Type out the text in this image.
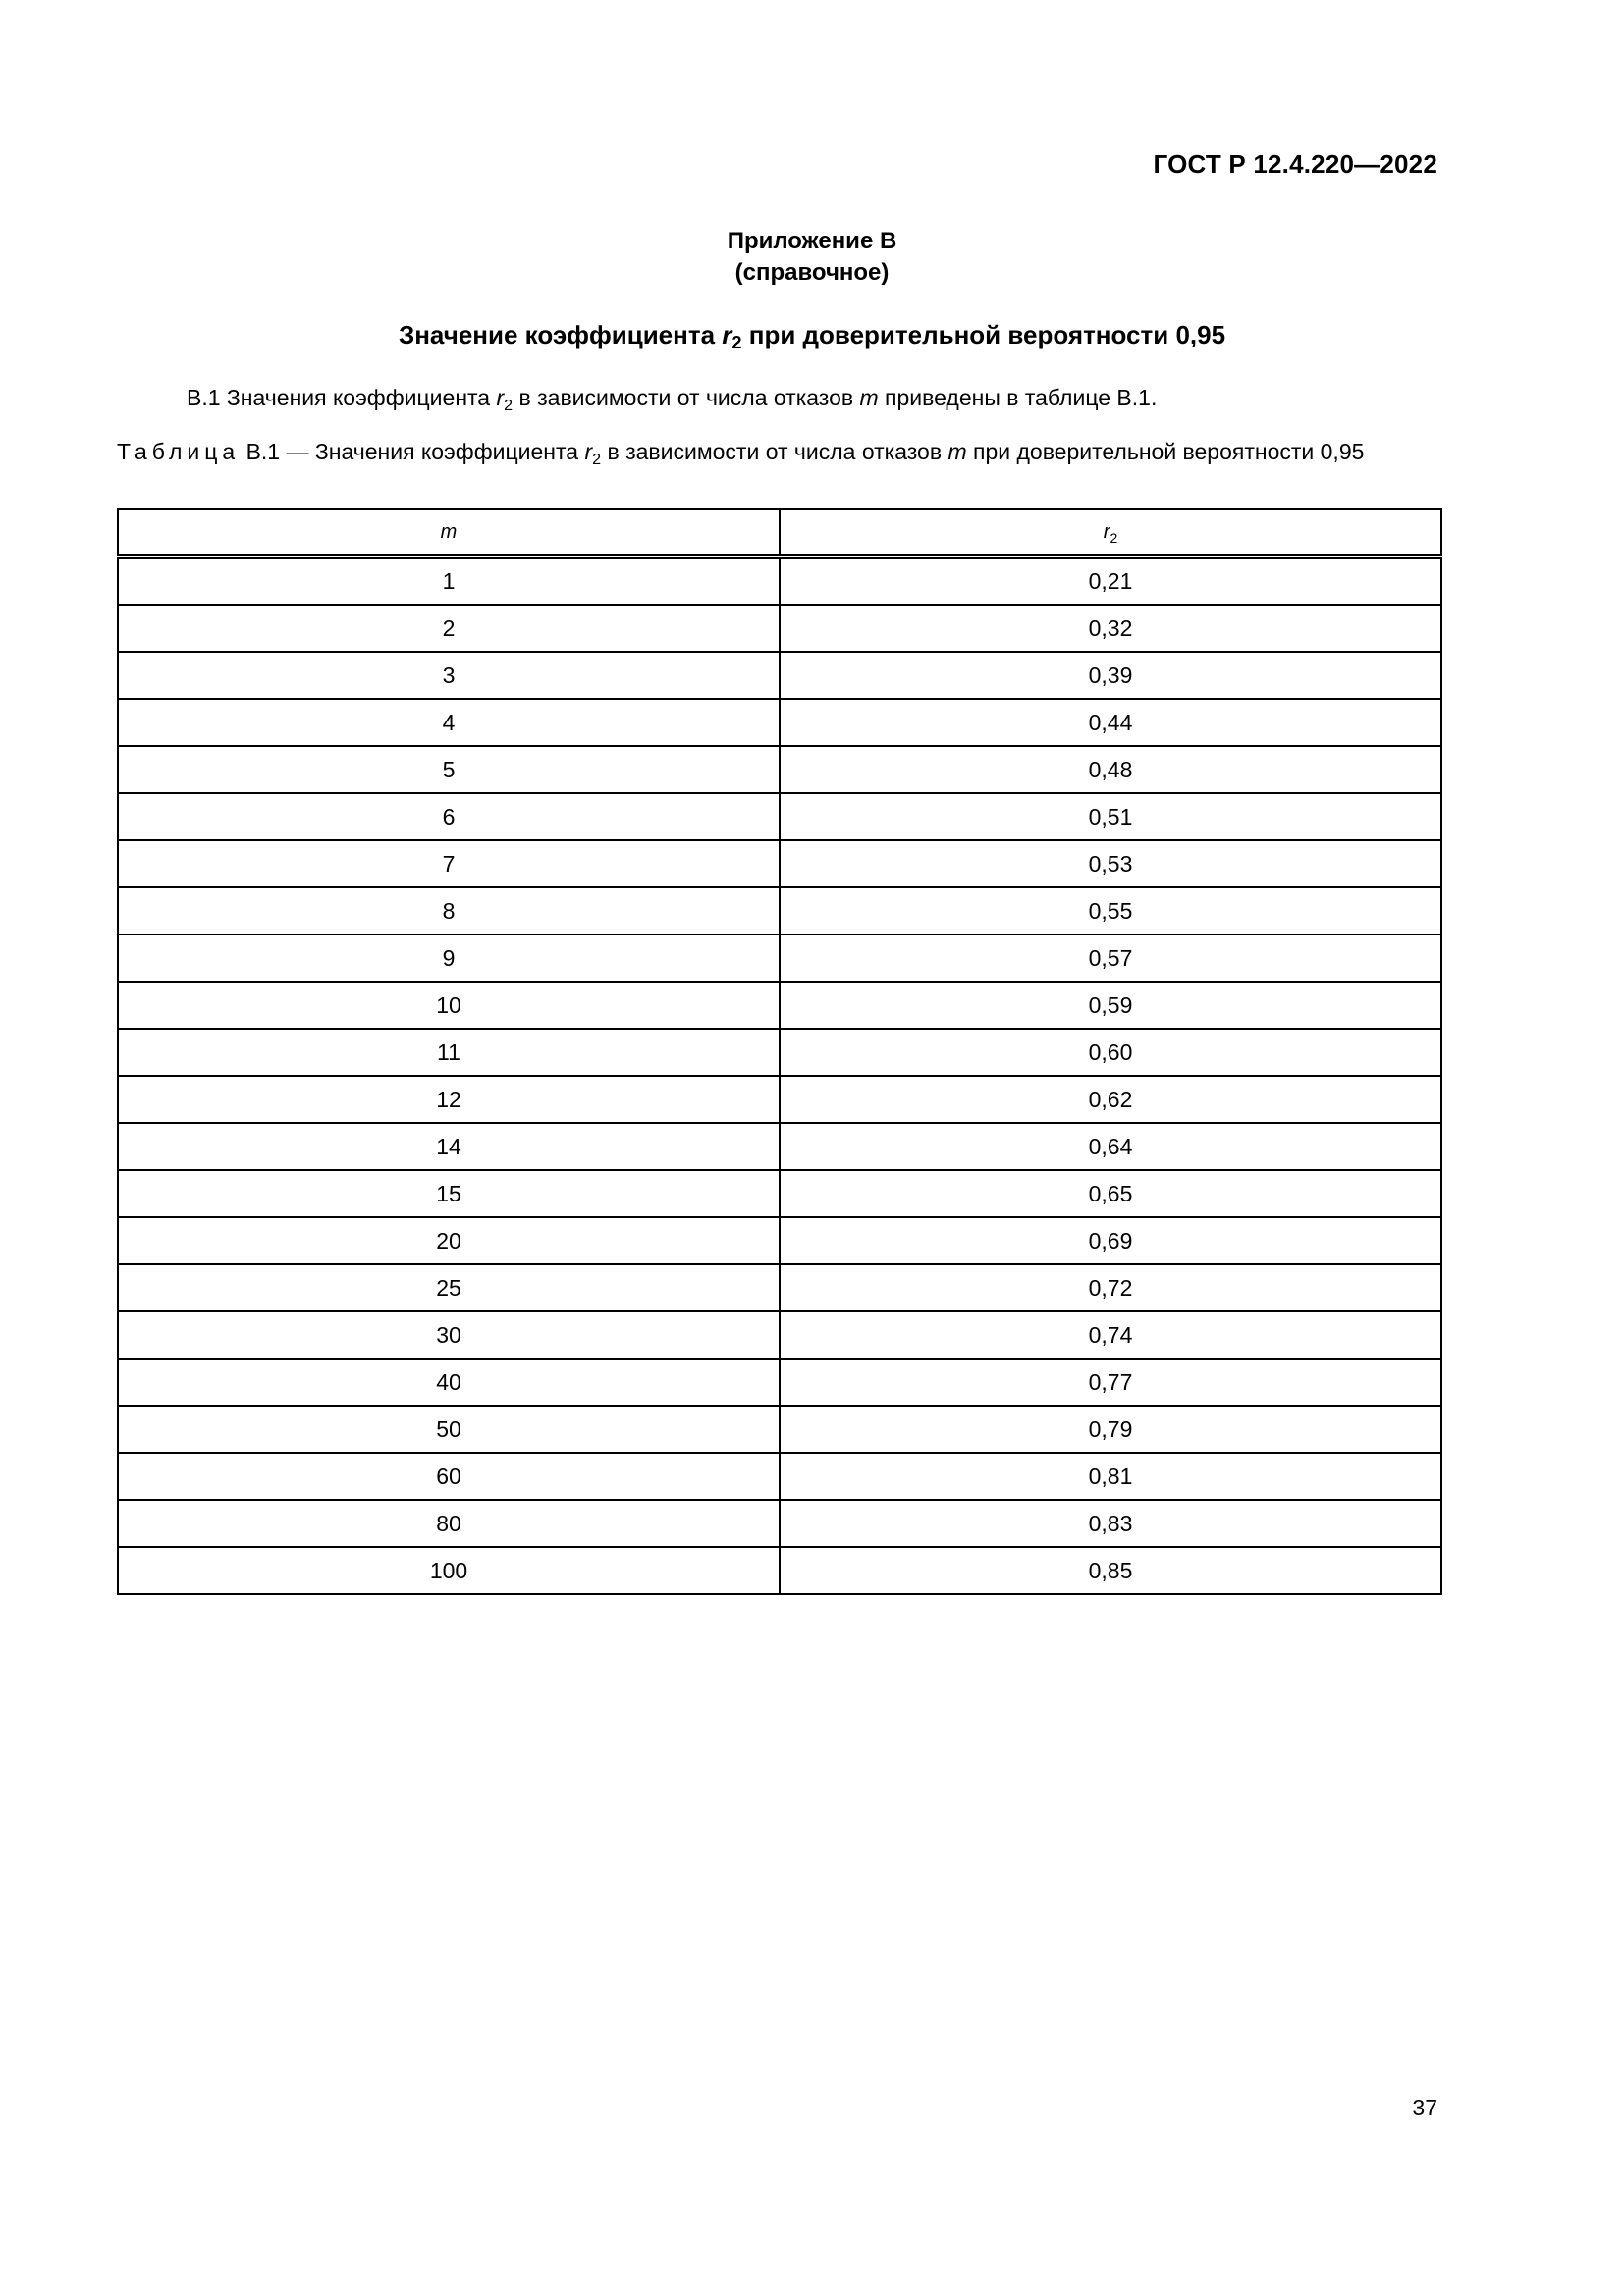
ГОСТ Р 12.4.220—2022
Приложение В
(справочное)
Значение коэффициента $r_2$ при доверительной вероятности 0,95
В.1 Значения коэффициента $r_2$ в зависимости от числа отказов m приведены в таблице В.1.
Таблица В.1 — Значения коэффициента $r_2$ в зависимости от числа отказов m при доверительной вероятности 0,95
m	$r_2$
1	0,21
2	0,32
3	0,39
4	0,44
5	0,48
6	0,51
7	0,53
8	0,55
9	0,57
10	0,59
11	0,60
12	0,62
14	0,64
15	0,65
20	0,69
25	0,72
30	0,74
40	0,77
50	0,79
60	0,81
80	0,83
100	0,85
37
